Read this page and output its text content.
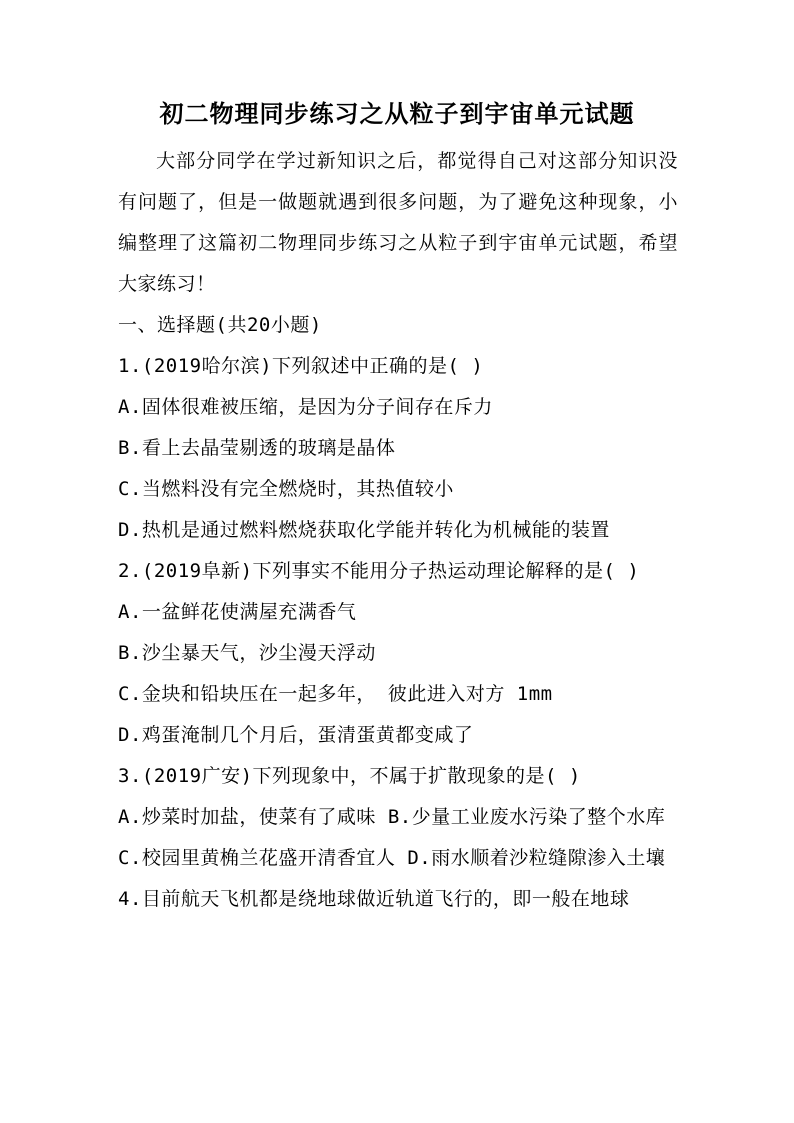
初二物理同步练习之从粒子到宇宙单元试题

大部分同学在学过新知识之后，都觉得自己对这部分知识没有问题了，但是一做题就遇到很多问题，为了避免这种现象，小编整理了这篇初二物理同步练习之从粒子到宇宙单元试题，希望大家练习！

一、选择题(共20小题)

1.(2019哈尔滨)下列叙述中正确的是( )

A.固体很难被压缩，是因为分子间存在斥力

B.看上去晶莹剔透的玻璃是晶体

C.当燃料没有完全燃烧时，其热值较小

D.热机是通过燃料燃烧获取化学能并转化为机械能的装置

2.(2019阜新)下列事实不能用分子热运动理论解释的是( )

A.一盆鲜花使满屋充满香气

B.沙尘暴天气，沙尘漫天浮动

C.金块和铅块压在一起多年， 彼此进入对方 1mm

D.鸡蛋淹制几个月后，蛋清蛋黄都变咸了

3.(2019广安)下列现象中，不属于扩散现象的是( )

A.炒菜时加盐，使菜有了咸味 B.少量工业废水污染了整个水库

C.校园里黄桷兰花盛开清香宜人 D.雨水顺着沙粒缝隙渗入土壤

4.目前航天飞机都是绕地球做近轨道飞行的，即一般在地球
